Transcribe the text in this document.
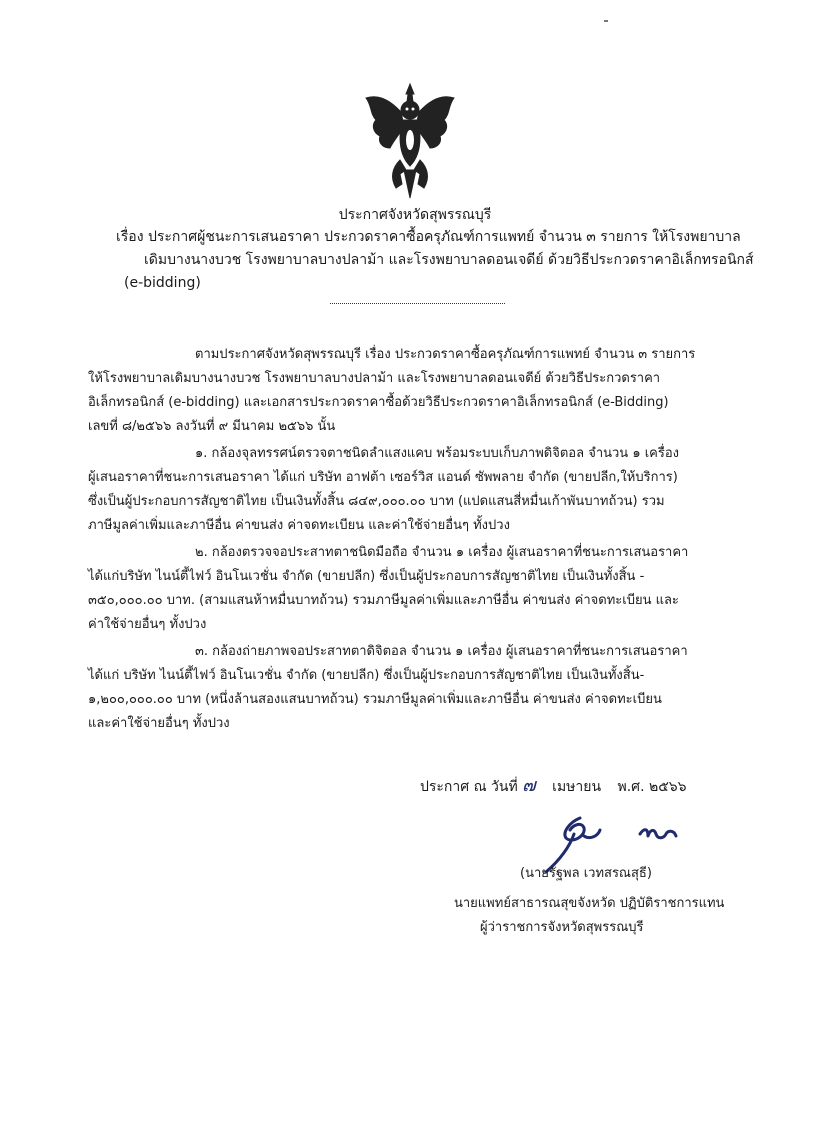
ประกาศจังหวัดสุพรรณบุรี
เรื่อง ประกาศผู้ชนะการเสนอราคา ประกวดราคาซื้อครุภัณฑ์การแพทย์ จำนวน ๓ รายการ ให้โรงพยาบาล
เดิมบางนางบวช โรงพยาบาลบางปลาม้า และโรงพยาบาลดอนเจดีย์ ด้วยวิธีประกวดราคาอิเล็กทรอนิกส์
(e-bidding)
ตามประกาศจังหวัดสุพรรณบุรี เรื่อง ประกวดราคาซื้อครุภัณฑ์การแพทย์ จำนวน ๓ รายการ
ให้โรงพยาบาลเดิมบางนางบวช โรงพยาบาลบางปลาม้า และโรงพยาบาลดอนเจดีย์ ด้วยวิธีประกวดราคา
อิเล็กทรอนิกส์ (e-bidding) และเอกสารประกวดราคาซื้อด้วยวิธีประกวดราคาอิเล็กทรอนิกส์ (e-Bidding)
เลขที่ ๘/๒๕๖๖ ลงวันที่ ๙ มีนาคม ๒๕๖๖ นั้น
๑. กล้องจุลทรรศน์ตรวจตาชนิดลำแสงแคบ พร้อมระบบเก็บภาพดิจิตอล จำนวน ๑ เครื่อง
ผู้เสนอราคาที่ชนะการเสนอราคา ได้แก่ บริษัท อาฟต้า เซอร์วิส แอนด์ ซัพพลาย จำกัด (ขายปลีก,ให้บริการ)
ซึ่งเป็นผู้ประกอบการสัญชาติไทย เป็นเงินทั้งสิ้น ๘๔๙,๐๐๐.๐๐ บาท (แปดแสนสี่หมื่นเก้าพันบาทถ้วน) รวม
ภาษีมูลค่าเพิ่มและภาษีอื่น ค่าขนส่ง ค่าจดทะเบียน และค่าใช้จ่ายอื่นๆ ทั้งปวง
๒. กล้องตรวจจอประสาทตาชนิดมือถือ จำนวน ๑ เครื่อง ผู้เสนอราคาที่ชนะการเสนอราคา
ได้แก่บริษัท ไนน์ตี้ไฟว์ อินโนเวชั่น จำกัด (ขายปลีก) ซึ่งเป็นผู้ประกอบการสัญชาติไทย เป็นเงินทั้งสิ้น -
๓๕๐,๐๐๐.๐๐ บาท. (สามแสนห้าหมื่นบาทถ้วน) รวมภาษีมูลค่าเพิ่มและภาษีอื่น ค่าขนส่ง ค่าจดทะเบียน และ
ค่าใช้จ่ายอื่นๆ ทั้งปวง
๓. กล้องถ่ายภาพจอประสาทตาดิจิตอล จำนวน ๑ เครื่อง ผู้เสนอราคาที่ชนะการเสนอราคา
ได้แก่ บริษัท ไนน์ตี้ไฟว์ อินโนเวชั่น จำกัด (ขายปลีก) ซึ่งเป็นผู้ประกอบการสัญชาติไทย เป็นเงินทั้งสิ้น-
๑,๒๐๐,๐๐๐.๐๐ บาท (หนึ่งล้านสองแสนบาทถ้วน) รวมภาษีมูลค่าเพิ่มและภาษีอื่น ค่าขนส่ง ค่าจดทะเบียน
และค่าใช้จ่ายอื่นๆ ทั้งปวง
ประกาศ ณ วันที่ ๗ เมษายน พ.ศ. ๒๕๖๖
(นายรัฐพล เวทสรณสุธี)
นายแพทย์สาธารณสุขจังหวัด ปฏิบัติราชการแทน
ผู้ว่าราชการจังหวัดสุพรรณบุรี
